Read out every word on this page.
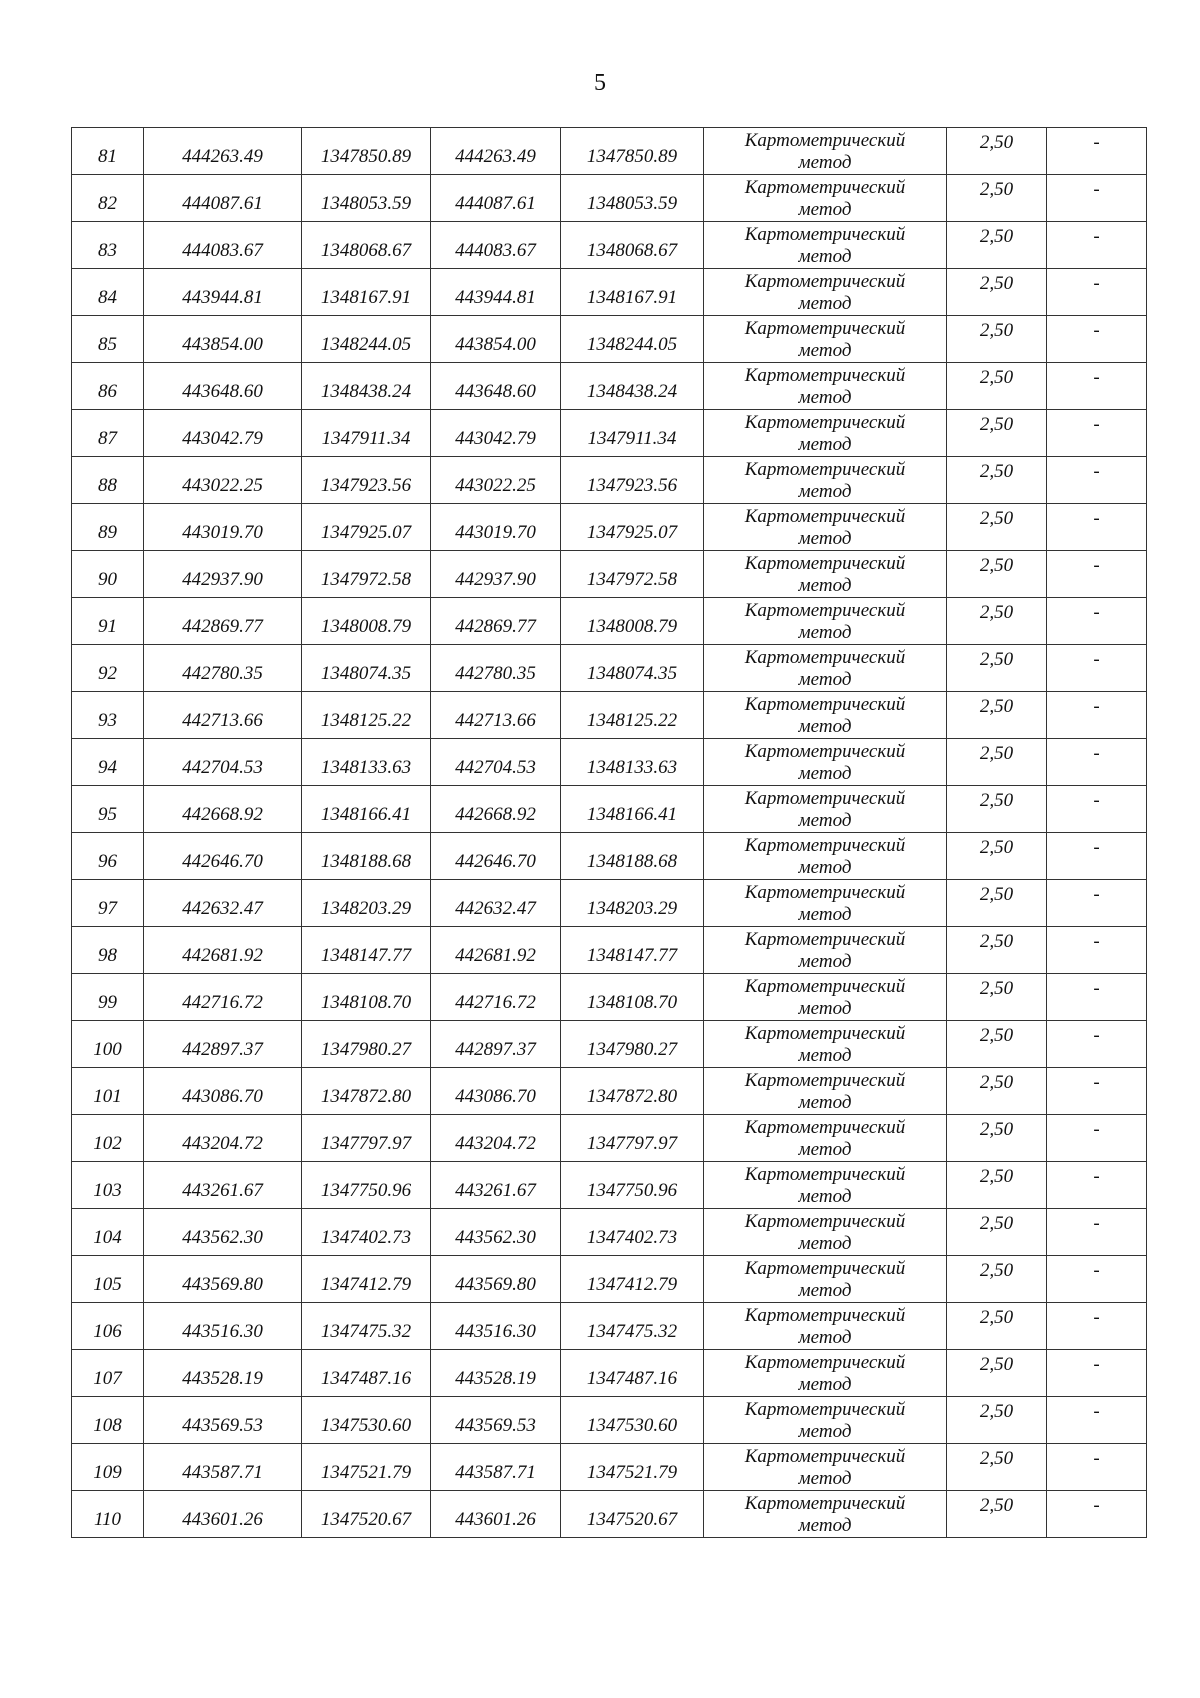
5
81	444263.49	1347850.89	444263.49	1347850.89	Картометрический
метод	2,50	-
82	444087.61	1348053.59	444087.61	1348053.59	Картометрический
метод	2,50	-
83	444083.67	1348068.67	444083.67	1348068.67	Картометрический
метод	2,50	-
84	443944.81	1348167.91	443944.81	1348167.91	Картометрический
метод	2,50	-
85	443854.00	1348244.05	443854.00	1348244.05	Картометрический
метод	2,50	-
86	443648.60	1348438.24	443648.60	1348438.24	Картометрический
метод	2,50	-
87	443042.79	1347911.34	443042.79	1347911.34	Картометрический
метод	2,50	-
88	443022.25	1347923.56	443022.25	1347923.56	Картометрический
метод	2,50	-
89	443019.70	1347925.07	443019.70	1347925.07	Картометрический
метод	2,50	-
90	442937.90	1347972.58	442937.90	1347972.58	Картометрический
метод	2,50	-
91	442869.77	1348008.79	442869.77	1348008.79	Картометрический
метод	2,50	-
92	442780.35	1348074.35	442780.35	1348074.35	Картометрический
метод	2,50	-
93	442713.66	1348125.22	442713.66	1348125.22	Картометрический
метод	2,50	-
94	442704.53	1348133.63	442704.53	1348133.63	Картометрический
метод	2,50	-
95	442668.92	1348166.41	442668.92	1348166.41	Картометрический
метод	2,50	-
96	442646.70	1348188.68	442646.70	1348188.68	Картометрический
метод	2,50	-
97	442632.47	1348203.29	442632.47	1348203.29	Картометрический
метод	2,50	-
98	442681.92	1348147.77	442681.92	1348147.77	Картометрический
метод	2,50	-
99	442716.72	1348108.70	442716.72	1348108.70	Картометрический
метод	2,50	-
100	442897.37	1347980.27	442897.37	1347980.27	Картометрический
метод	2,50	-
101	443086.70	1347872.80	443086.70	1347872.80	Картометрический
метод	2,50	-
102	443204.72	1347797.97	443204.72	1347797.97	Картометрический
метод	2,50	-
103	443261.67	1347750.96	443261.67	1347750.96	Картометрический
метод	2,50	-
104	443562.30	1347402.73	443562.30	1347402.73	Картометрический
метод	2,50	-
105	443569.80	1347412.79	443569.80	1347412.79	Картометрический
метод	2,50	-
106	443516.30	1347475.32	443516.30	1347475.32	Картометрический
метод	2,50	-
107	443528.19	1347487.16	443528.19	1347487.16	Картометрический
метод	2,50	-
108	443569.53	1347530.60	443569.53	1347530.60	Картометрический
метод	2,50	-
109	443587.71	1347521.79	443587.71	1347521.79	Картометрический
метод	2,50	-
110	443601.26	1347520.67	443601.26	1347520.67	Картометрический
метод	2,50	-
